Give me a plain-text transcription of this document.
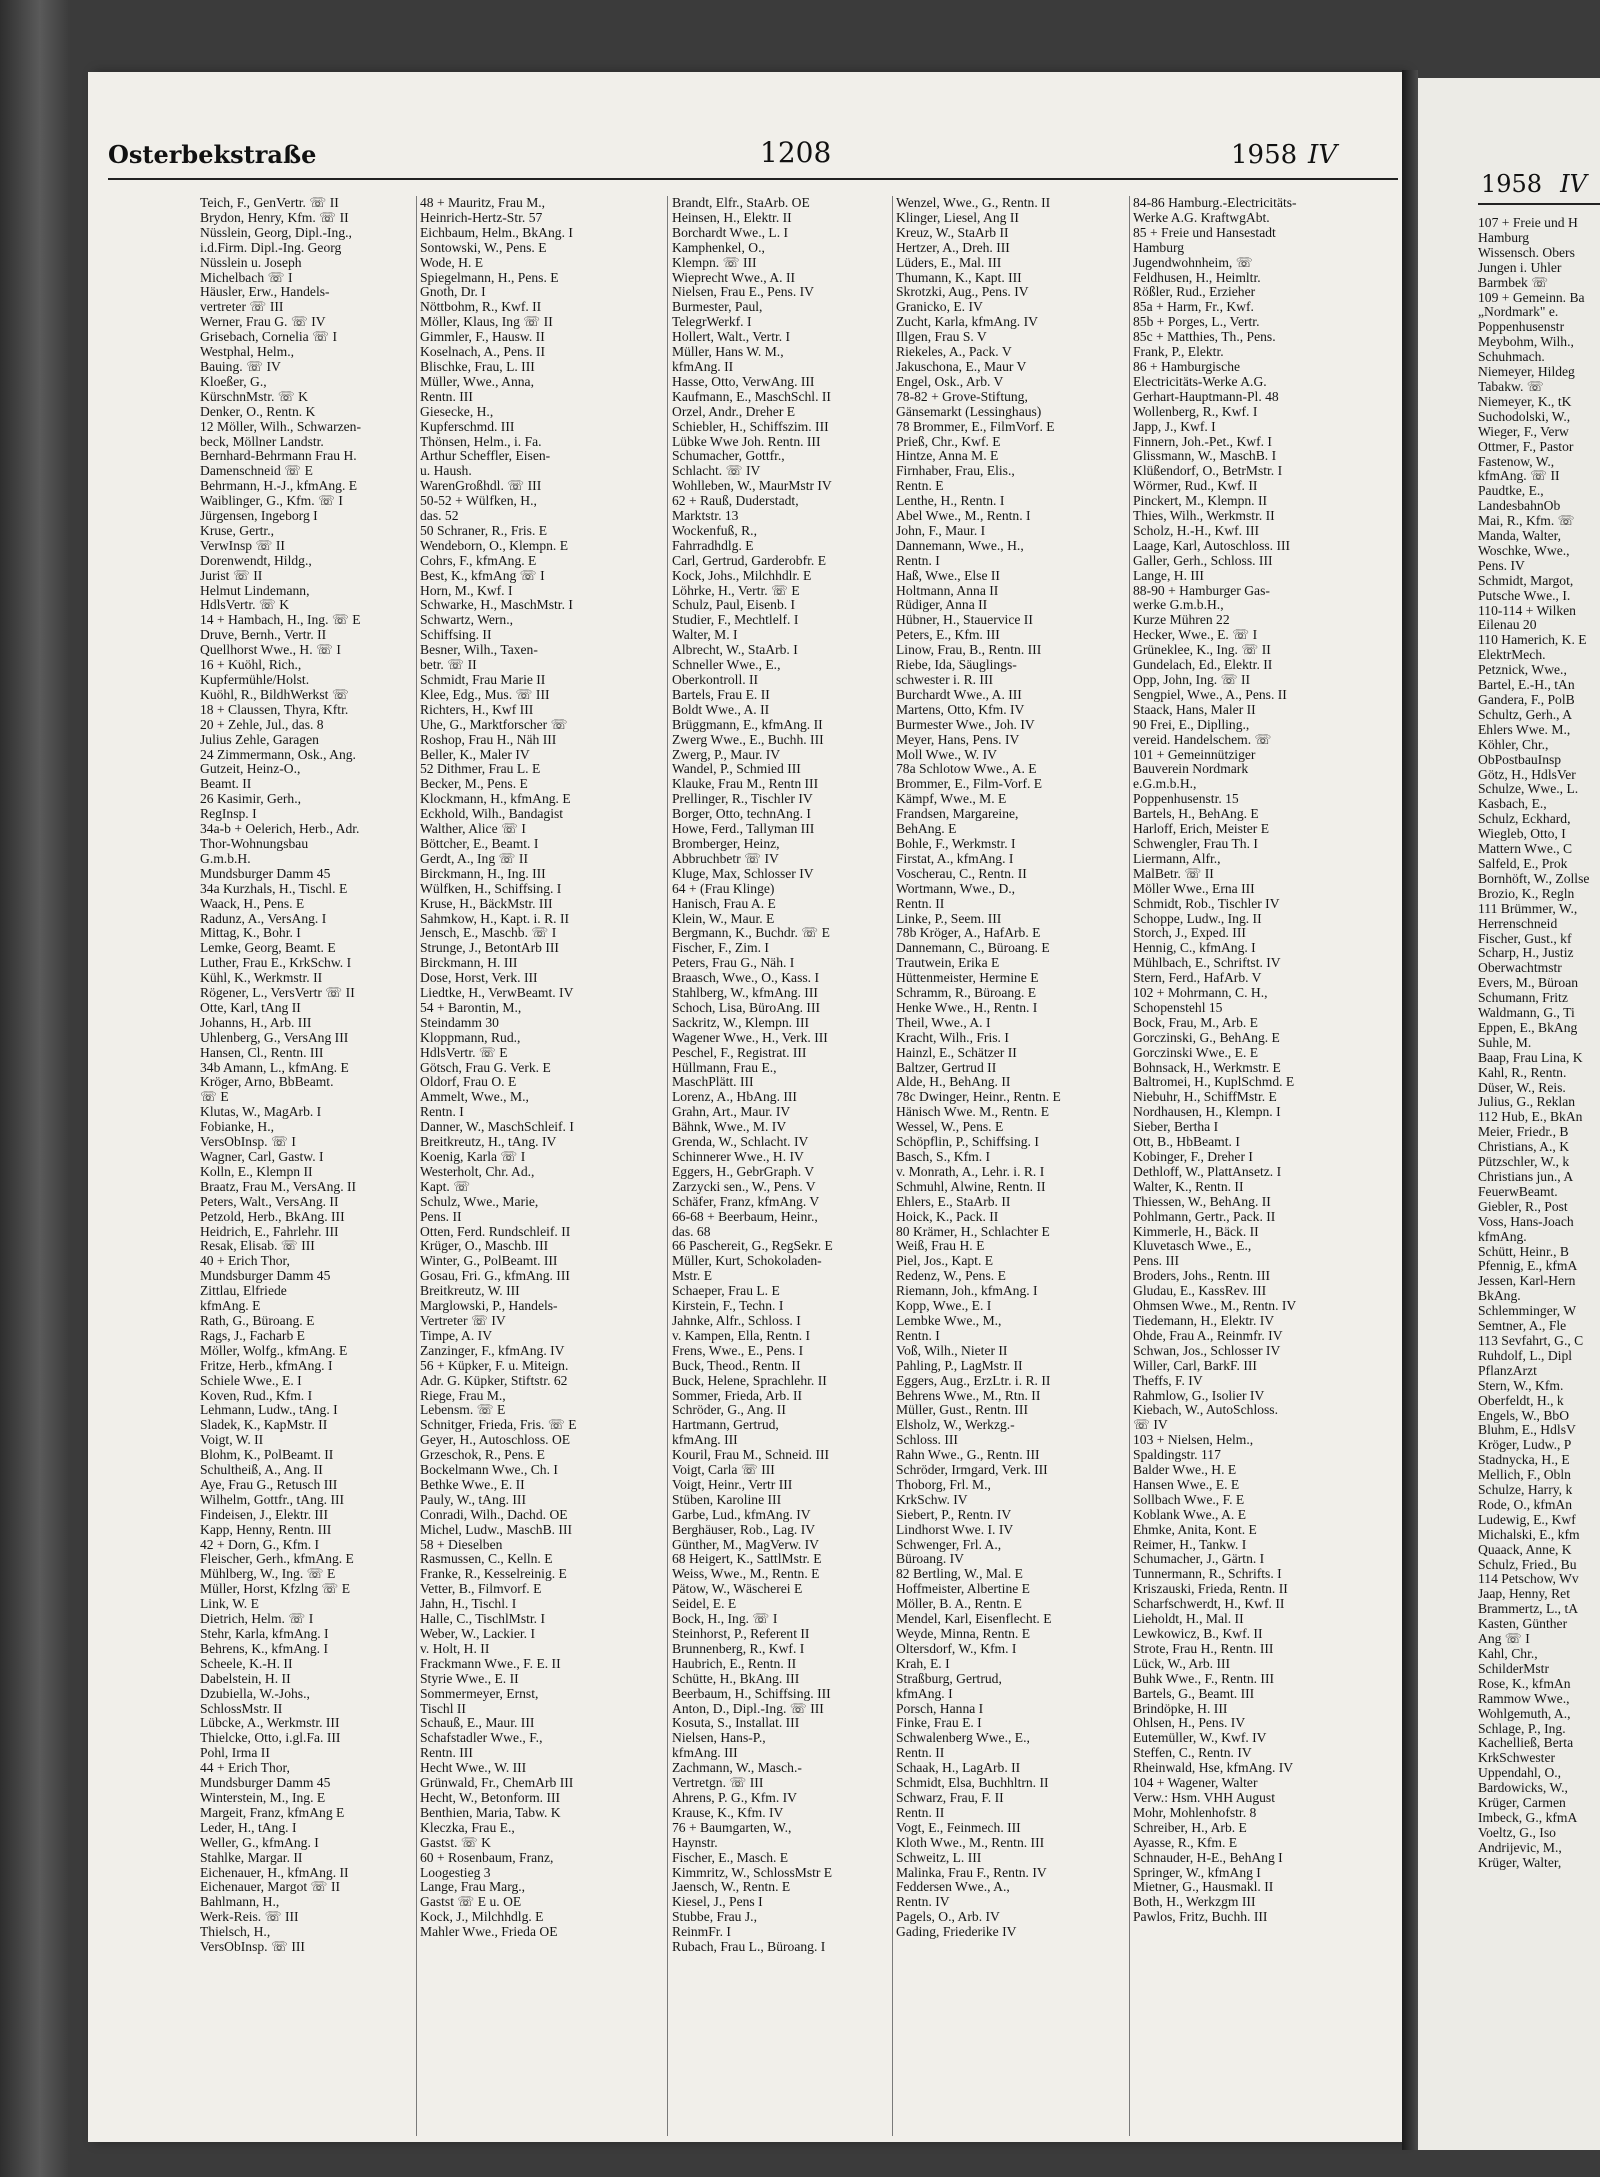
Osterbekstraße	1208	1958 IV
Teich, F., GenVertr. ☏ II
Brydon, Henry, Kfm. ☏ II
Nüsslein, Georg, Dipl.-Ing.,
i.d.Firm. Dipl.-Ing. Georg
Nüsslein u. Joseph
Michelbach ☏ I
Häusler, Erw., Handels-
vertreter ☏ III
Werner, Frau G. ☏ IV
Grisebach, Cornelia ☏ I
Westphal, Helm.,
Bauing. ☏ IV
Kloeßer, G.,
KürschnMstr. ☏ K
Denker, O., Rentn. K
12 Möller, Wilh., Schwarzen-
beck, Möllner Landstr.
Bernhard-Behrmann Frau H.
Damenschneid ☏ E
Behrmann, H.-J., kfmAng. E
Waiblinger, G., Kfm. ☏ I
Jürgensen, Ingeborg I
Kruse, Gertr.,
VerwInsp ☏ II
Dorenwendt, Hildg.,
Jurist ☏ II
Helmut Lindemann,
HdlsVertr. ☏ K
14 + Hambach, H., Ing. ☏ E
Druve, Bernh., Vertr. II
Quellhorst Wwe., H. ☏ I
16 + Kuöhl, Rich.,
Kupfermühle/Holst.
Kuöhl, R., BildhWerkst ☏
18 + Claussen, Thyra, Kftr.
20 + Zehle, Jul., das. 8
Julius Zehle, Garagen
24 Zimmermann, Osk., Ang.
Gutzeit, Heinz-O.,
Beamt. II
26 Kasimir, Gerh.,
RegInsp. I
34a-b + Oelerich, Herb., Adr.
Thor-Wohnungsbau
G.m.b.H.
Mundsburger Damm 45
34a Kurzhals, H., Tischl. E
Waack, H., Pens. E
Radunz, A., VersAng. I
Mittag, K., Bohr. I
Lemke, Georg, Beamt. E
Luther, Frau E., KrkSchw. I
Kühl, K., Werkmstr. II
Rögener, L., VersVertr ☏ II
Otte, Karl, tAng II
Johanns, H., Arb. III
Uhlenberg, G., VersAng III
Hansen, Cl., Rentn. III
34b Amann, L., kfmAng. E
Kröger, Arno, BbBeamt.
☏ E
Klutas, W., MagArb. I
Fobianke, H.,
VersObInsp. ☏ I
Wagner, Carl, Gastw. I
Kolln, E., Klempn II
Braatz, Frau M., VersAng. II
Peters, Walt., VersAng. II
Petzold, Herb., BkAng. III
Heidrich, E., Fahrlehr. III
Resak, Elisab. ☏ III
40 + Erich Thor,
Mundsburger Damm 45
Zittlau, Elfriede
kfmAng. E
Rath, G., Büroang. E
Rags, J., Facharb E
Möller, Wolfg., kfmAng. E
Fritze, Herb., kfmAng. I
Schiele Wwe., E. I
Koven, Rud., Kfm. I
Lehmann, Ludw., tAng. I
Sladek, K., KapMstr. II
Voigt, W. II
Blohm, K., PolBeamt. II
Schultheiß, A., Ang. II
Aye, Frau G., Retusch III
Wilhelm, Gottfr., tAng. III
Findeisen, J., Elektr. III
Kapp, Henny, Rentn. III
42 + Dorn, G., Kfm. I
Fleischer, Gerh., kfmAng. E
Mühlberg, W., Ing. ☏ E
Müller, Horst, Kfzlng ☏ E
Link, W. E
Dietrich, Helm. ☏ I
Stehr, Karla, kfmAng. I
Behrens, K., kfmAng. I
Scheele, K.-H. II
Dabelstein, H. II
Dzubiella, W.-Johs.,
SchlossMstr. II
Lübcke, A., Werkmstr. III
Thielcke, Otto, i.gl.Fa. III
Pohl, Irma II
44 + Erich Thor,
Mundsburger Damm 45
Winterstein, M., Ing. E
Margeit, Franz, kfmAng E
Leder, H., tAng. I
Weller, G., kfmAng. I
Stahlke, Margar. II
Eichenauer, H., kfmAng. II
Eichenauer, Margot ☏ II
Bahlmann, H.,
Werk-Reis. ☏ III
Thielsch, H.,
VersObInsp. ☏ III
48 + Mauritz, Frau M.,
Heinrich-Hertz-Str. 57
Eichbaum, Helm., BkAng. I
Sontowski, W., Pens. E
Wode, H. E
Spiegelmann, H., Pens. E
Gnoth, Dr. I
Nöttbohm, R., Kwf. II
Möller, Klaus, Ing ☏ II
Gimmler, F., Hausw. II
Koselnach, A., Pens. II
Blischke, Frau, L. III
Müller, Wwe., Anna,
Rentn. III
Giesecke, H.,
Kupferschmd. III
Thönsen, Helm., i. Fa.
Arthur Scheffler, Eisen-
u. Haush.
WarenGroßhdl. ☏ III
50-52 + Wülfken, H.,
das. 52
50 Schraner, R., Fris. E
Wendeborn, O., Klempn. E
Cohrs, F., kfmAng. E
Best, K., kfmAng ☏ I
Horn, M., Kwf. I
Schwarke, H., MaschMstr. I
Schwartz, Wern.,
Schiffsing. II
Besner, Wilh., Taxen-
betr. ☏ II
Schmidt, Frau Marie II
Klee, Edg., Mus. ☏ III
Richters, H., Kwf III
Uhe, G., Marktforscher ☏
Roshop, Frau H., Näh III
Beller, K., Maler IV
52 Dithmer, Frau L. E
Becker, M., Pens. E
Klockmann, H., kfmAng. E
Eckhold, Wilh., Bandagist
Walther, Alice ☏ I
Böttcher, E., Beamt. I
Gerdt, A., Ing ☏ II
Birckmann, H., Ing. III
Wülfken, H., Schiffsing. I
Kruse, H., BäckMstr. III
Sahmkow, H., Kapt. i. R. II
Jensch, E., Maschb. ☏ I
Strunge, J., BetontArb III
Birckmann, H. III
Dose, Horst, Verk. III
Liedtke, H., VerwBeamt. IV
54 + Barontin, M.,
Steindamm 30
Kloppmann, Rud.,
HdlsVertr. ☏ E
Götsch, Frau G. Verk. E
Oldorf, Frau O. E
Ammelt, Wwe., M.,
Rentn. I
Danner, W., MaschSchleif. I
Breitkreutz, H., tAng. IV
Koenig, Karla ☏ I
Westerholt, Chr. Ad.,
Kapt. ☏
Schulz, Wwe., Marie,
Pens. II
Otten, Ferd. Rundschleif. II
Krüger, O., Maschb. III
Winter, G., PolBeamt. III
Gosau, Fri. G., kfmAng. III
Breitkreutz, W. III
Marglowski, P., Handels-
Vertreter ☏ IV
Timpe, A. IV
Zanzinger, F., kfmAng. IV
56 + Küpker, F. u. Miteign.
Adr. G. Küpker, Stiftstr. 62
Riege, Frau M.,
Lebensm. ☏ E
Schnitger, Frieda, Fris. ☏ E
Geyer, H., Autoschloss. OE
Grzeschok, R., Pens. E
Bockelmann Wwe., Ch. I
Bethke Wwe., E. II
Pauly, W., tAng. III
Conradi, Wilh., Dachd. OE
Michel, Ludw., MaschB. III
58 + Dieselben
Rasmussen, C., Kelln. E
Franke, R., Kesselreinig. E
Vetter, B., Filmvorf. E
Jahn, H., Tischl. I
Halle, C., TischlMstr. I
Weber, W., Lackier. I
v. Holt, H. II
Frackmann Wwe., F. E. II
Styrie Wwe., E. II
Sommermeyer, Ernst,
Tischl II
Schauß, E., Maur. III
Schafstadler Wwe., F.,
Rentn. III
Hecht Wwe., W. III
Grünwald, Fr., ChemArb III
Hecht, W., Betonform. III
Benthien, Maria, Tabw. K
Kleczka, Frau E.,
Gastst. ☏ K
60 + Rosenbaum, Franz,
Loogestieg 3
Lange, Frau Marg.,
Gastst ☏ E u. OE
Kock, J., Milchhdlg. E
Mahler Wwe., Frieda OE
Brandt, Elfr., StaArb. OE
Heinsen, H., Elektr. II
Borchardt Wwe., L. I
Kamphenkel, O.,
Klempn. ☏ III
Wieprecht Wwe., A. II
Nielsen, Frau E., Pens. IV
Burmester, Paul,
TelegrWerkf. I
Hollert, Walt., Vertr. I
Müller, Hans W. M.,
kfmAng. II
Hasse, Otto, VerwAng. III
Kaufmann, E., MaschSchl. II
Orzel, Andr., Dreher E
Schiebler, H., Schiffszim. III
Lübke Wwe Joh. Rentn. III
Schumacher, Gottfr.,
Schlacht. ☏ IV
Wohlleben, W., MaurMstr IV
62 + Rauß, Duderstadt,
Marktstr. 13
Wockenfuß, R.,
Fahrradhdlg. E
Carl, Gertrud, Garderobfr. E
Kock, Johs., Milchhdlr. E
Löhrke, H., Vertr. ☏ E
Schulz, Paul, Eisenb. I
Studier, F., Mechtlelf. I
Walter, M. I
Albrecht, W., StaArb. I
Schneller Wwe., E.,
Oberkontroll. II
Bartels, Frau E. II
Boldt Wwe., A. II
Brüggmann, E., kfmAng. II
Zwerg Wwe., E., Buchh. III
Zwerg, P., Maur. IV
Wandel, P., Schmied III
Klauke, Frau M., Rentn III
Prellinger, R., Tischler IV
Borger, Otto, technAng. I
Howe, Ferd., Tallyman III
Bromberger, Heinz,
Abbruchbetr ☏ IV
Kluge, Max, Schlosser IV
64 + (Frau Klinge)
Hanisch, Frau A. E
Klein, W., Maur. E
Bergmann, K., Buchdr. ☏ E
Fischer, F., Zim. I
Peters, Frau G., Näh. I
Braasch, Wwe., O., Kass. I
Stahlberg, W., kfmAng. III
Schoch, Lisa, BüroAng. III
Sackritz, W., Klempn. III
Wagener Wwe., H., Verk. III
Peschel, F., Registrat. III
Hüllmann, Frau E.,
MaschPlätt. III
Lorenz, A., HbAng. III
Grahn, Art., Maur. IV
Bähnk, Wwe., M. IV
Grenda, W., Schlacht. IV
Schinnerer Wwe., H. IV
Eggers, H., GebrGraph. V
Zarzycki sen., W., Pens. V
Schäfer, Franz, kfmAng. V
66-68 + Beerbaum, Heinr.,
das. 68
66 Paschereit, G., RegSekr. E
Müller, Kurt, Schokoladen-
Mstr. E
Schaeper, Frau L. E
Kirstein, F., Techn. I
Jahnke, Alfr., Schloss. I
v. Kampen, Ella, Rentn. I
Frens, Wwe., E., Pens. I
Buck, Theod., Rentn. II
Buck, Helene, Sprachlehr. II
Sommer, Frieda, Arb. II
Schröder, G., Ang. II
Hartmann, Gertrud,
kfmAng. III
Kouril, Frau M., Schneid. III
Voigt, Carla ☏ III
Voigt, Heinr., Vertr III
Stüben, Karoline III
Garbe, Lud., kfmAng. IV
Berghäuser, Rob., Lag. IV
Günther, M., MagVerw. IV
68 Heigert, K., SattlMstr. E
Weiss, Wwe., M., Rentn. E
Pätow, W., Wäscherei E
Seidel, E. E
Bock, H., Ing. ☏ I
Steinhorst, P., Referent II
Brunnenberg, R., Kwf. I
Haubrich, E., Rentn. II
Schütte, H., BkAng. III
Beerbaum, H., Schiffsing. III
Anton, D., Dipl.-Ing. ☏ III
Kosuta, S., Installat. III
Nielsen, Hans-P.,
kfmAng. III
Zachmann, W., Masch.-
Vertretgn. ☏ III
Ahrens, P. G., Kfm. IV
Krause, K., Kfm. IV
76 + Baumgarten, W.,
Haynstr.
Fischer, E., Masch. E
Kimmritz, W., SchlossMstr E
Jaensch, W., Rentn. E
Kiesel, J., Pens I
Stubbe, Frau J.,
ReinmFr. I
Rubach, Frau L., Büroang. I
Wenzel, Wwe., G., Rentn. II
Klinger, Liesel, Ang II
Kreuz, W., StaArb II
Hertzer, A., Dreh. III
Lüders, E., Mal. III
Thumann, K., Kapt. III
Skrotzki, Aug., Pens. IV
Granicko, E. IV
Zucht, Karla, kfmAng. IV
Illgen, Frau S. V
Riekeles, A., Pack. V
Jakuschona, E., Maur V
Engel, Osk., Arb. V
78-82 + Grove-Stiftung,
Gänsemarkt (Lessinghaus)
78 Brommer, E., FilmVorf. E
Prieß, Chr., Kwf. E
Hintze, Anna M. E
Firnhaber, Frau, Elis.,
Rentn. E
Lenthe, H., Rentn. I
Abel Wwe., M., Rentn. I
John, F., Maur. I
Dannemann, Wwe., H.,
Rentn. I
Haß, Wwe., Else II
Holtmann, Anna II
Rüdiger, Anna II
Hübner, H., Stauervice II
Peters, E., Kfm. III
Linow, Frau, B., Rentn. III
Riebe, Ida, Säuglings-
schwester i. R. III
Burchardt Wwe., A. III
Martens, Otto, Kfm. IV
Burmester Wwe., Joh. IV
Meyer, Hans, Pens. IV
Moll Wwe., W. IV
78a Schlotow Wwe., A. E
Brommer, E., Film-Vorf. E
Kämpf, Wwe., M. E
Frandsen, Margareine,
BehAng. E
Bohle, F., Werkmstr. I
Firstat, A., kfmAng. I
Voscherau, C., Rentn. II
Wortmann, Wwe., D.,
Rentn. II
Linke, P., Seem. III
78b Kröger, A., HafArb. E
Dannemann, C., Büroang. E
Trautwein, Erika E
Hüttenmeister, Hermine E
Schramm, R., Büroang. E
Henke Wwe., H., Rentn. I
Theil, Wwe., A. I
Kracht, Wilh., Fris. I
Hainzl, E., Schätzer II
Baltzer, Gertrud II
Alde, H., BehAng. II
78c Dwinger, Heinr., Rentn. E
Hänisch Wwe. M., Rentn. E
Wessel, W., Pens. E
Schöpflin, P., Schiffsing. I
Basch, S., Kfm. I
v. Monrath, A., Lehr. i. R. I
Schmuhl, Alwine, Rentn. II
Ehlers, E., StaArb. II
Hoick, K., Pack. II
80 Krämer, H., Schlachter E
Weiß, Frau H. E
Piel, Jos., Kapt. E
Redenz, W., Pens. E
Riemann, Joh., kfmAng. I
Kopp, Wwe., E. I
Lembke Wwe., M.,
Rentn. I
Voß, Wilh., Nieter II
Pahling, P., LagMstr. II
Eggers, Aug., ErzLtr. i. R. II
Behrens Wwe., M., Rtn. II
Müller, Gust., Rentn. III
Elsholz, W., Werkzg.-
Schloss. III
Rahn Wwe., G., Rentn. III
Schröder, Irmgard, Verk. III
Thoborg, Frl. M.,
KrkSchw. IV
Siebert, P., Rentn. IV
Lindhorst Wwe. I. IV
Schwenger, Frl. A.,
Büroang. IV
82 Bertling, W., Mal. E
Hoffmeister, Albertine E
Möller, B. A., Rentn. E
Mendel, Karl, Eisenflecht. E
Weyde, Minna, Rentn. E
Oltersdorf, W., Kfm. I
Krah, E. I
Straßburg, Gertrud,
kfmAng. I
Porsch, Hanna I
Finke, Frau E. I
Schwalenberg Wwe., E.,
Rentn. II
Schaak, H., LagArb. II
Schmidt, Elsa, Buchhltrn. II
Schwarz, Frau, F. II
Rentn. II
Vogt, E., Feinmech. III
Kloth Wwe., M., Rentn. III
Schweitz, L. III
Malinka, Frau F., Rentn. IV
Feddersen Wwe., A.,
Rentn. IV
Pagels, O., Arb. IV
Gading, Friederike IV
84-86 Hamburg.-Electricitäts-
Werke A.G. KraftwgAbt.
85 + Freie und Hansestadt
Hamburg
Jugendwohnheim, ☏
Feldhusen, H., Heimltr.
Rößler, Rud., Erzieher
85a + Harm, Fr., Kwf.
85b + Porges, L., Vertr.
85c + Matthies, Th., Pens.
Frank, P., Elektr.
86 + Hamburgische
Electricitäts-Werke A.G.
Gerhart-Hauptmann-Pl. 48
Wollenberg, R., Kwf. I
Japp, J., Kwf. I
Finnern, Joh.-Pet., Kwf. I
Glissmann, W., MaschB. I
Klüßendorf, O., BetrMstr. I
Wörmer, Rud., Kwf. II
Pinckert, M., Klempn. II
Thies, Wilh., Werkmstr. II
Scholz, H.-H., Kwf. III
Laage, Karl, Autoschloss. III
Galler, Gerh., Schloss. III
Lange, H. III
88-90 + Hamburger Gas-
werke G.m.b.H.,
Kurze Mühren 22
Hecker, Wwe., E. ☏ I
Grüneklee, K., Ing. ☏ II
Gundelach, Ed., Elektr. II
Opp, John, Ing. ☏ II
Sengpiel, Wwe., A., Pens. II
Staack, Hans, Maler II
90 Frei, E., Diplling.,
vereid. Handelschem. ☏
101 + Gemeinnütziger
Bauverein Nordmark
e.G.m.b.H.,
Poppenhusenstr. 15
Bartels, H., BehAng. E
Harloff, Erich, Meister E
Schwengler, Frau Th. I
Liermann, Alfr.,
MalBetr. ☏ II
Möller Wwe., Erna III
Schmidt, Rob., Tischler IV
Schoppe, Ludw., Ing. II
Storch, J., Exped. III
Hennig, C., kfmAng. I
Mühlbach, E., Schriftst. IV
Stern, Ferd., HafArb. V
102 + Mohrmann, C. H.,
Schopenstehl 15
Bock, Frau, M., Arb. E
Gorczinski, G., BehAng. E
Gorczinski Wwe., E. E
Bohnsack, H., Werkmstr. E
Baltromei, H., KuplSchmd. E
Niebuhr, H., SchiffMstr. E
Nordhausen, H., Klempn. I
Sieber, Bertha I
Ott, B., HbBeamt. I
Kobinger, F., Dreher I
Dethloff, W., PlattAnsetz. I
Walter, K., Rentn. II
Thiessen, W., BehAng. II
Pohlmann, Gertr., Pack. II
Kimmerle, H., Bäck. II
Kluvetasch Wwe., E.,
Pens. III
Broders, Johs., Rentn. III
Gludau, E., KassRev. III
Ohmsen Wwe., M., Rentn. IV
Tiedemann, H., Elektr. IV
Ohde, Frau A., Reinmfr. IV
Schwan, Jos., Schlosser IV
Willer, Carl, BarkF. III
Theffs, F. IV
Rahmlow, G., Isolier IV
Kiebach, W., AutoSchloss.
☏ IV
103 + Nielsen, Helm.,
Spaldingstr. 117
Balder Wwe., H. E
Hansen Wwe., E. E
Sollbach Wwe., F. E
Koblank Wwe., A. E
Ehmke, Anita, Kont. E
Reimer, H., Tankw. I
Schumacher, J., Gärtn. I
Tunnermann, R., Schrifts. I
Kriszauski, Frieda, Rentn. II
Scharfschwerdt, H., Kwf. II
Lieholdt, H., Mal. II
Lewkowicz, B., Kwf. II
Strote, Frau H., Rentn. III
Lück, W., Arb. III
Buhk Wwe., F., Rentn. III
Bartels, G., Beamt. III
Brindöpke, H. III
Ohlsen, H., Pens. IV
Eutemüller, W., Kwf. IV
Steffen, C., Rentn. IV
Rheinwald, Hse, kfmAng. IV
104 + Wagener, Walter
Verw.: Hsm. VHH August
Mohr, Mohlenhofstr. 8
Schreiber, H., Arb. E
Ayasse, R., Kfm. E
Schnauder, H-E., BehAng I
Springer, W., kfmAng I
Mietner, G., Hausmakl. II
Both, H., Werkzgm III
Pawlos, Fritz, Buchh. III
1958 IV
107 + Freie und H
Hamburg
Wissensch. Obers
Jungen i. Uhler
Barmbek ☏
109 + Gemeinn. Ba
„Nordmark" e.
Poppenhusenstr
Meybohm, Wilh.,
Schuhmach.
Niemeyer, Hildeg
Tabakw. ☏
Niemeyer, K., tK
Suchodolski, W.,
Wieger, F., Verw
Ottmer, F., Pastor
Fastenow, W.,
kfmAng. ☏ II
Paudtke, E.,
LandesbahnOb
Mai, R., Kfm. ☏
Manda, Walter,
Woschke, Wwe.,
Pens. IV
Schmidt, Margot,
Putsche Wwe., I.
110-114 + Wilken
Eilenau 20
110 Hamerich, K. E
ElektrMech.
Petznick, Wwe.,
Bartel, E.-H., tAn
Gandera, F., PolB
Schultz, Gerh., A
Ehlers Wwe. M.,
Köhler, Chr.,
ObPostbauInsp
Götz, H., HdlsVer
Schulze, Wwe., L.
Kasbach, E.,
Schulz, Eckhard,
Wiegleb, Otto, I
Mattern Wwe., C
Salfeld, E., Prok
Bornhöft, W., Zollse
Brozio, K., Regln
111 Brümmer, W.,
Herrenschneid
Fischer, Gust., kf
Scharp, H., Justiz
Oberwachtmstr
Evers, M., Büroan
Schumann, Fritz
Waldmann, G., Ti
Eppen, E., BkAng
Suhle, M.
Baap, Frau Lina, K
Kahl, R., Rentn.
Düser, W., Reis.
Julius, G., Reklan
112 Hub, E., BkAn
Meier, Friedr., B
Christians, A., K
Pützschler, W., k
Christians jun., A
FeuerwBeamt.
Giebler, R., Post
Voss, Hans-Joach
kfmAng.
Schütt, Heinr., B
Pfennig, E., kfmA
Jessen, Karl-Hern
BkAng.
Schlemminger, W
Semtner, A., Fle
113 Sevfahrt, G., C
Ruhdolf, L., Dipl
PflanzArzt
Stern, W., Kfm.
Oberfeldt, H., k
Engels, W., BbO
Bluhm, E., HdlsV
Kröger, Ludw., P
Stadnycka, H., E
Mellich, F., Obln
Schulze, Harry, k
Rode, O., kfmAn
Ludewig, E., Kwf
Michalski, E., kfm
Quaack, Anne, K
Schulz, Fried., Bu
114 Petschow, Wv
Jaap, Henny, Ret
Brammertz, L., tA
Kasten, Günther
Ang ☏ I
Kahl, Chr.,
SchilderMstr
Rose, K., kfmAn
Rammow Wwe.,
Wohlgemuth, A.,
Schlage, P., Ing.
Kachelließ, Berta
KrkSchwester
Uppendahl, O.,
Bardowicks, W.,
Krüger, Carmen
Imbeck, G., kfmA
Voeltz, G., Iso
Andrijevic, M.,
Krüger, Walter,
